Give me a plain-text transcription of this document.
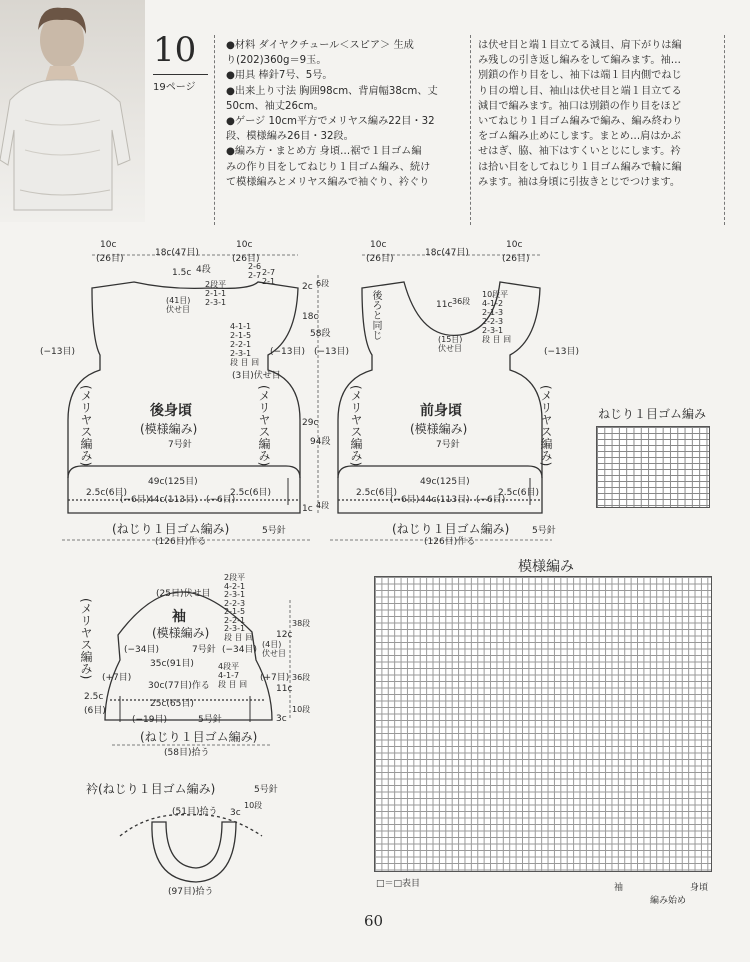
10
19ページ
●材料 ダイヤクチュール＜スピア＞ 生成
り(202)360g＝9玉。
●用具 棒針7号、5号。
●出来上り寸法 胸囲98cm、背肩幅38cm、丈
50cm、袖丈26cm。
●ゲージ 10cm平方でメリヤス編み22目・32
段、模様編み26目・32段。
●編み方・まとめ方 身頃…裾で１目ゴム編
みの作り目をしてねじり１目ゴム編み、続け
て模様編みとメリヤス編みで袖ぐり、衿ぐり
は伏せ目と端１目立てる減目、肩下がりは編
み残しの引き返し編みをして編みます。袖…
別鎖の作り目をし、袖下は端１目内側でねじ
り目の増し目、袖山は伏せ目と端１目立てる
減目で編みます。袖口は別鎖の作り目をほど
いてねじり１目ゴム編みで編み、編み終わり
をゴム編み止めにします。まとめ…肩はかぶ
せはぎ、脇、袖下はすくいとじにします。衿
は拾い目をしてねじり１目ゴム編みで輪に編
みます。袖は身頃に引抜きとじでつけます。
10c
(26目)
18c(47目)
10c
(26目)
1.5c 4段
2段平
2-1-1
2-3-1
(41目)
伏せ目
2-6
2-7 2-7
2-1
4-1-1
2-1-5
2-2-1
2-3-1
段 目 回
(3目)伏せ目
(−13目)	(−13目)
(メリヤス編み)	(メリヤス編み)
後身頃
(模様編み)
7号針
2c 6段
18c
58段
29c
94段
1c 4段
49c(125目)
44c(113目)
2.5c(6目)	2.5c(6目)
(−6目)	(−6目)
(ねじり１目ゴム編み)	5号針
(126目)作る
10c
(26目)
18c(47目)
10c
(26目)
後ろと同じ	11c 36段
10段平
4-1-2
2-1-3
2-2-3
2-3-1
段 目 回
(15目)
伏せ目
(−13目)	(−13目)
(メリヤス編み)	(メリヤス編み)
前身頃
(模様編み)
7号針
49c(125目)
44c(113目)
2.5c(6目)	2.5c(6目)
(−6目)	(−6目)
(ねじり１目ゴム編み)	5号針
(126目)作る
ねじり１目ゴム編み
(25目)伏せ目
2段平
4-2-1
2-3-1
2-2-3
2-1-5
2-2-1
2-3-1
段 目 回
(4目)
伏せ目
(メリヤス編み)	袖
(模様編み)
7号針
(−34目)	(−34目)
35c(91目)
(+7目)	(+7目)
30c(77目)作る
4段平
4-1-7
段 目 回
25c(65目)
12c
38段
11c
36段
3c
10段
2.5c
(6目)
(−19目)	5号針
(ねじり１目ゴム編み)
(58目)拾う
衿(ねじり１目ゴム編み)	5号針
(51目)拾う 3c
10段
(97目)拾う
模様編み
□＝□表目	袖	身頃
編み始め
60
